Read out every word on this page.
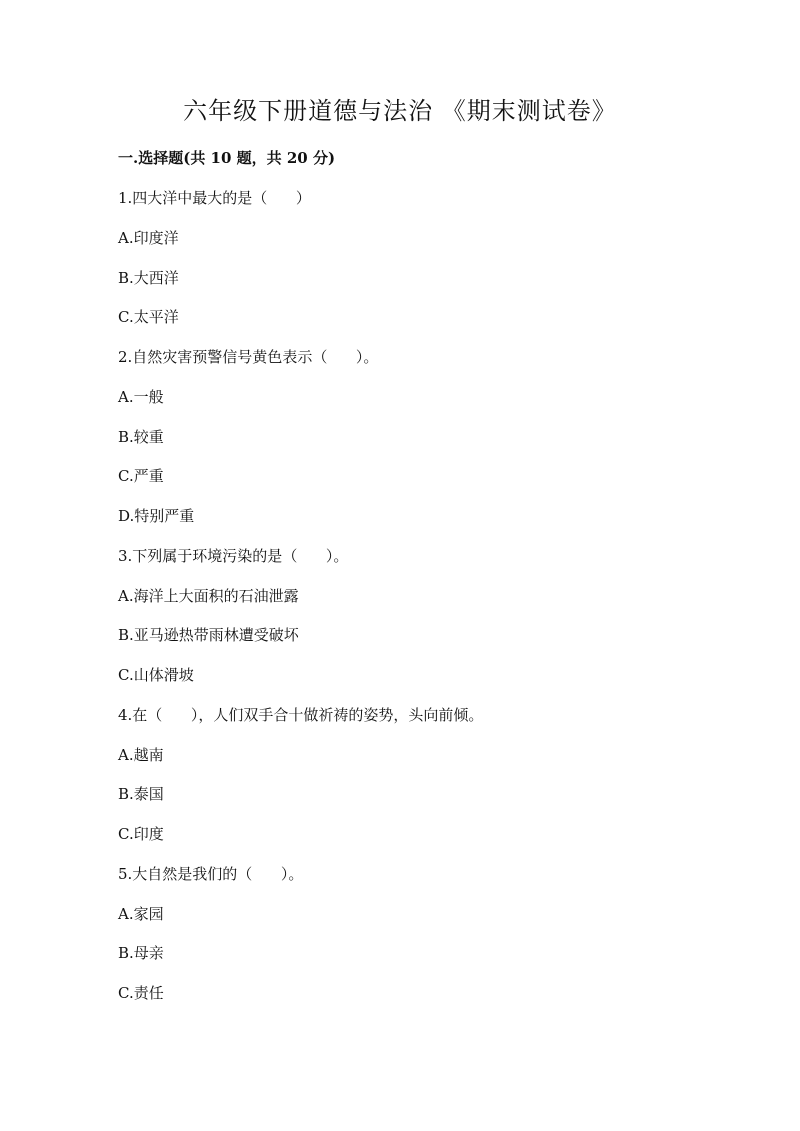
六年级下册道德与法治 《期末测试卷》
一.选择题(共 10 题，共 20 分)
1.四大洋中最大的是（      ）
A.印度洋
B.大西洋
C.太平洋
2.自然灾害预警信号黄色表示（      ）。
A.一般
B.较重
C.严重
D.特别严重
3.下列属于环境污染的是（      ）。
A.海洋上大面积的石油泄露
B.亚马逊热带雨林遭受破坏
C.山体滑坡
4.在（      ），人们双手合十做祈祷的姿势，头向前倾。
A.越南
B.泰国
C.印度
5.大自然是我们的（      ）。
A.家园
B.母亲
C.责任
